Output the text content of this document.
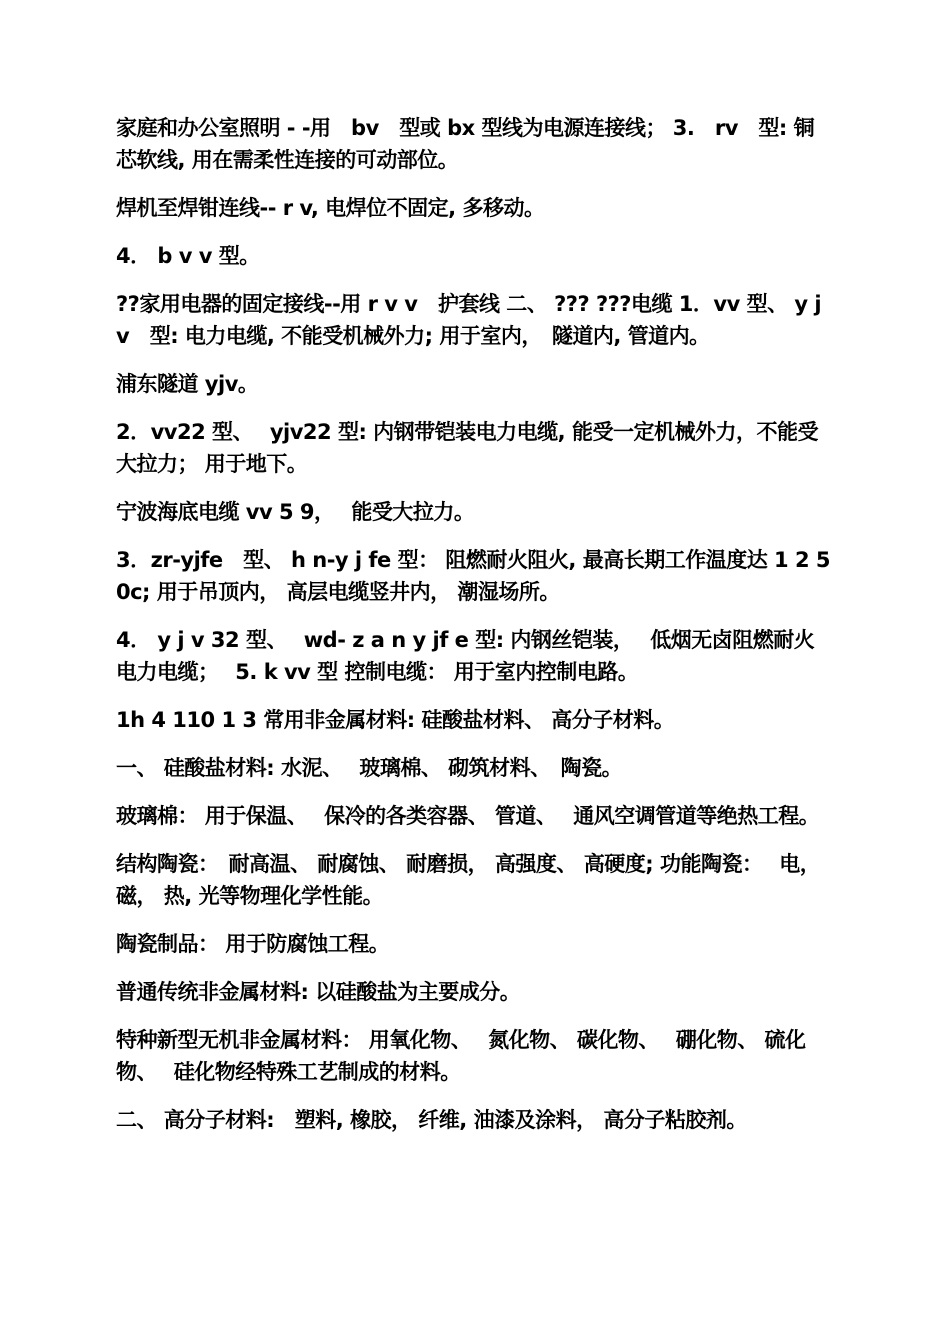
家庭和办公室照明 - -用　bv　型或 bx 型线为电源连接线； 3.　rv　型: 铜芯软线, 用在需柔性连接的可动部位。

焊机至焊钳连线-- r v, 电焊位不固定, 多移动。

4． b v v 型。

??家用电器的固定接线--用 r v v　护套线 二、 ??? ???电缆 1．vv 型、 y j v　型: 电力电缆, 不能受机械外力; 用于室内，　隧道内, 管道内。

浦东隧道 yjv。

2．vv22 型、　 yjv22 型: 内钢带铠装电力电缆, 能受一定机械外力，不能受大拉力； 用于地下。

宁波海底电缆 vv 5 9，　 能受大拉力。

3．zr-yjfe　型、 h n-y j fe 型： 阻燃耐火阻火, 最高长期工作温度达 1 2 5 0c; 用于吊顶内， 高层电缆竖井内， 潮湿场所。

4． y j v 32 型、　 wd- z a n y jf e 型: 内钢丝铠装，　 低烟无卤阻燃耐火电力电缆；　 5. k vv 型 控制电缆： 用于室内控制电路。

1h 4 110 1 3 常用非金属材料: 硅酸盐材料、 高分子材料。

一、 硅酸盐材料: 水泥、　 玻璃棉、 砌筑材料、　陶瓷。

玻璃棉： 用于保温、　 保冷的各类容器、 管道、　 通风空调管道等绝热工程。

结构陶瓷：　耐高温、 耐腐蚀、 耐磨损， 高强度、 高硬度; 功能陶瓷：　 电， 磁， 热, 光等物理化学性能。

陶瓷制品： 用于防腐蚀工程。

普通传统非金属材料: 以硅酸盐为主要成分。

特种新型无机非金属材料： 用氧化物、　 氮化物、 碳化物、　 硼化物、 硫化物、　 硅化物经特殊工艺制成的材料。

二、 高分子材料:　塑料, 橡胶， 纤维, 油漆及涂料， 高分子粘胶剂。
